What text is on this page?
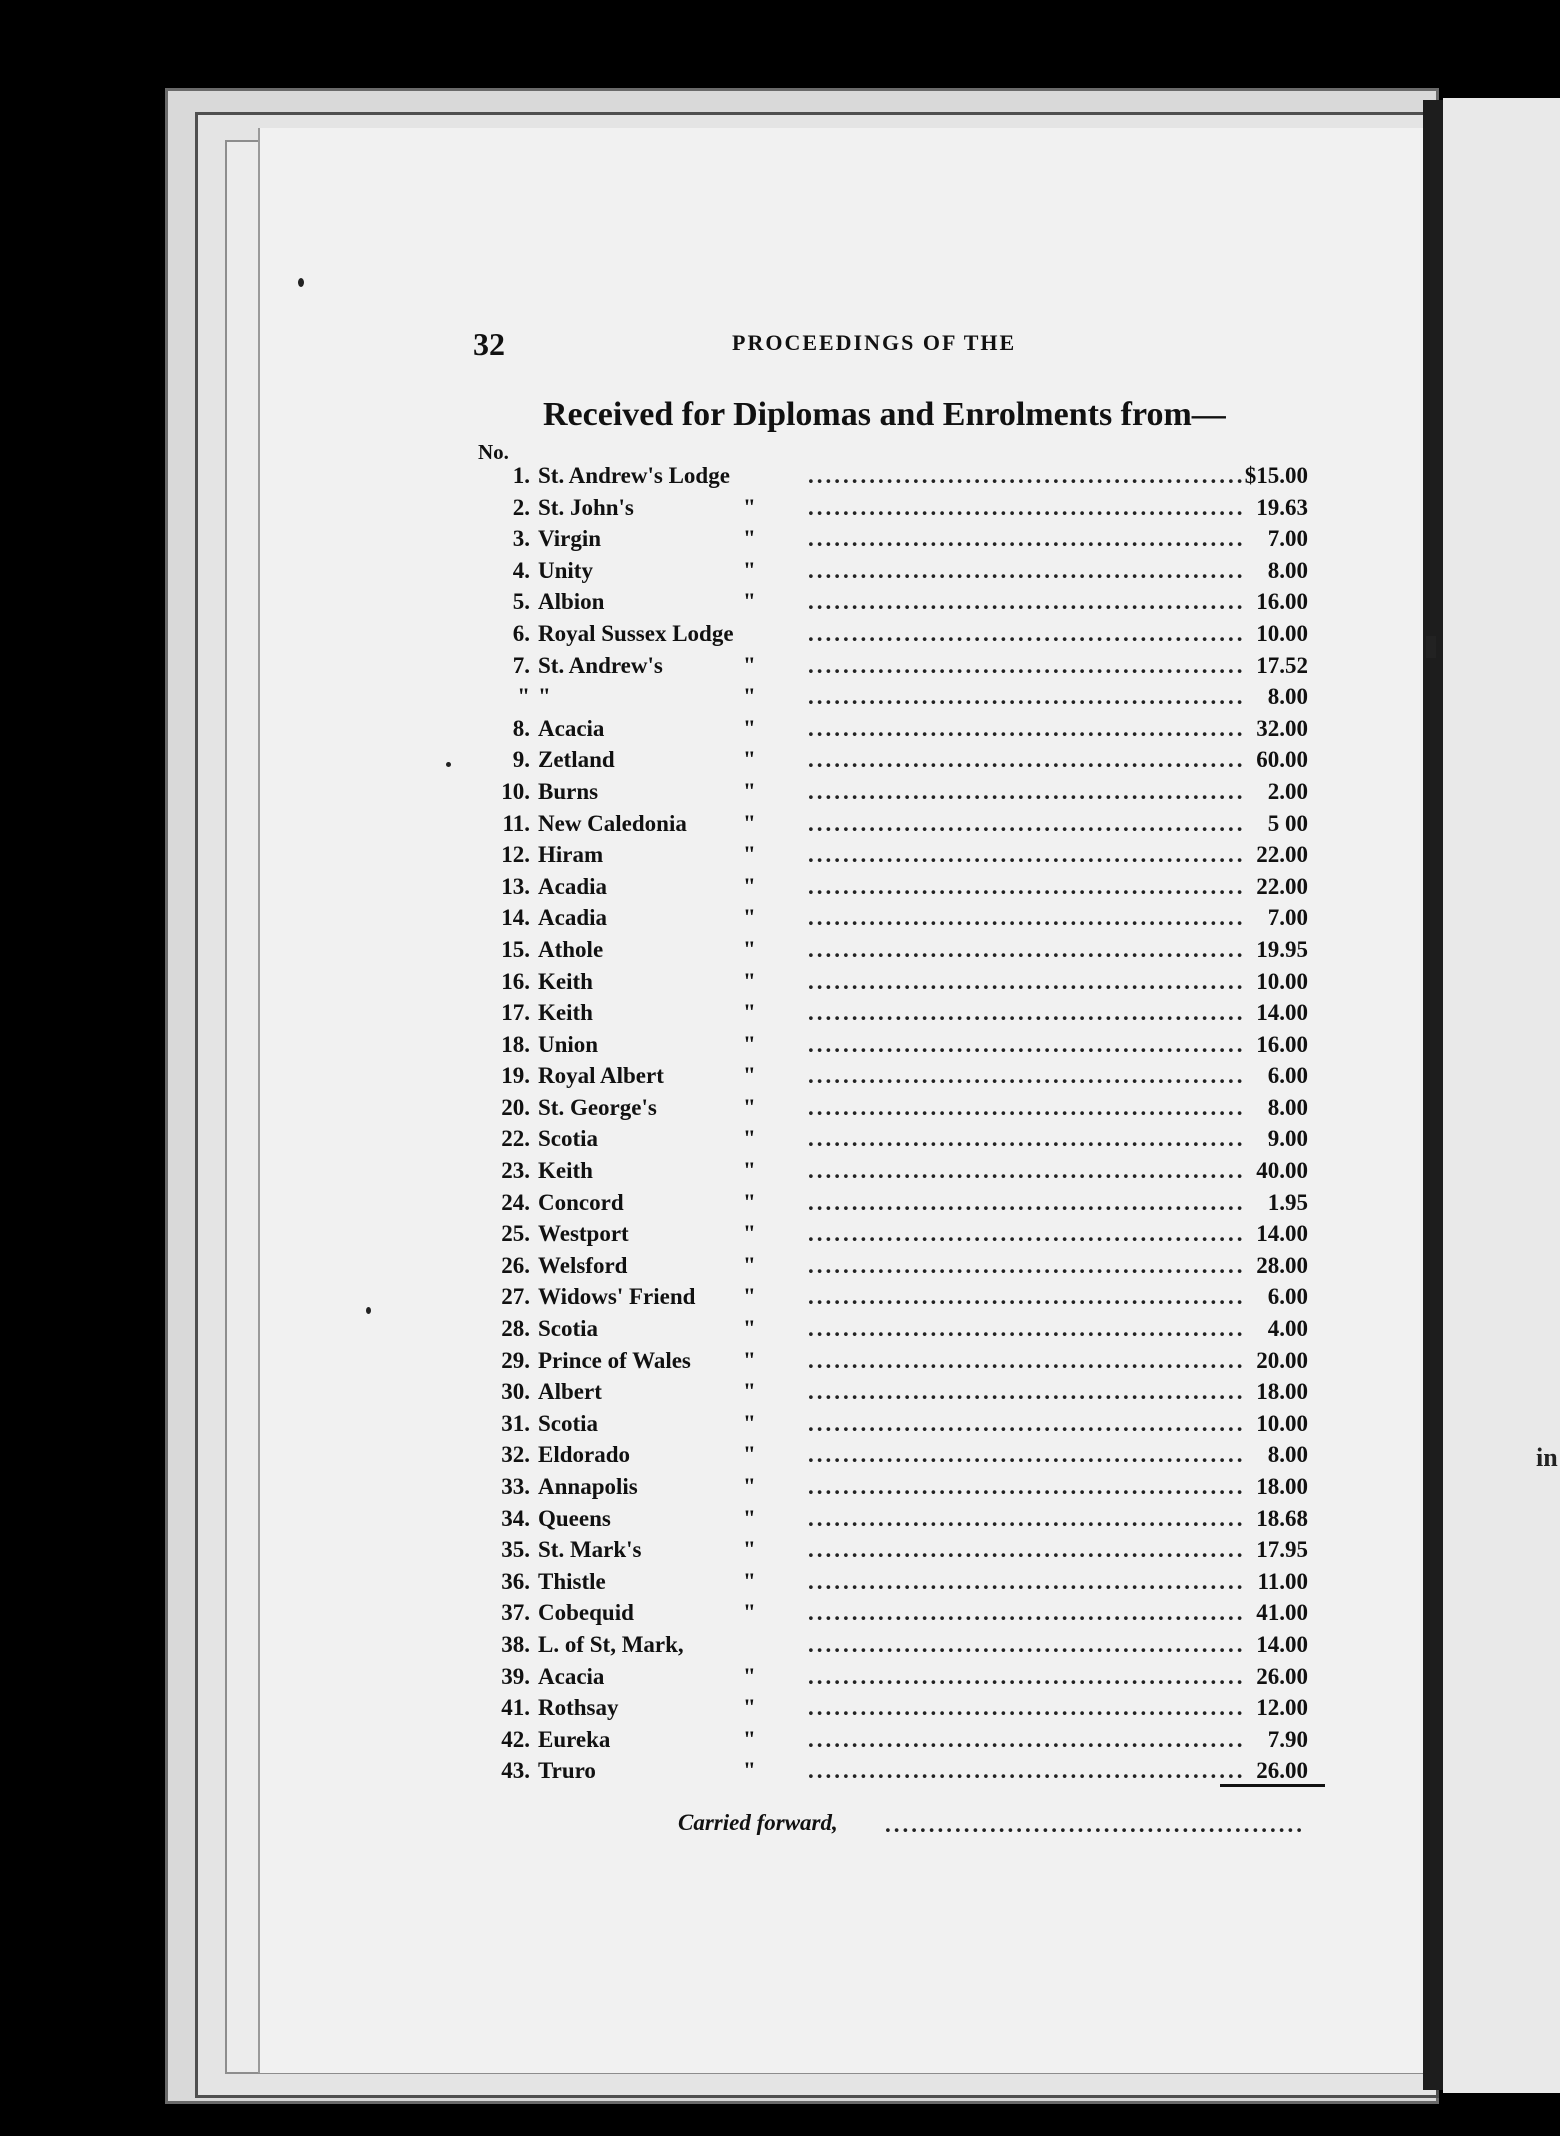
in
32	PROCEEDINGS OF THE
Received for Diplomas and Enrolments from—
No.
1. St. Andrew's Lodge	.................................................. $15.00
2. St. John's	" .................................................. 19.63
3. Virgin	" .................................................. 7.00
4. Unity	" .................................................. 8.00
5. Albion	" .................................................. 16.00
6. Royal Sussex Lodge	.................................................. 10.00
7. St. Andrew's	" .................................................. 17.52
" "	" .................................................. 8.00
8. Acacia	" .................................................. 32.00
9. Zetland	" .................................................. 60.00
10. Burns	" .................................................. 2.00
11. New Caledonia " .................................................. 5 00
12. Hiram	" .................................................. 22.00
13. Acadia	" .................................................. 22.00
14. Acadia	" .................................................. 7.00
15. Athole	" .................................................. 19.95
16. Keith	" .................................................. 10.00
17. Keith	" .................................................. 14.00
18. Union	" .................................................. 16.00
19. Royal Albert	" .................................................. 6.00
20. St. George's	" .................................................. 8.00
22. Scotia	" .................................................. 9.00
23. Keith	" .................................................. 40.00
24. Concord	" .................................................. 1.95
25. Westport	" .................................................. 14.00
26. Welsford	" .................................................. 28.00
27. Widows' Friend " .................................................. 6.00
28. Scotia	" .................................................. 4.00
29. Prince of Wales " .................................................. 20.00
30. Albert	" .................................................. 18.00
31. Scotia	" .................................................. 10.00
32. Eldorado	" .................................................. 8.00
33. Annapolis	" .................................................. 18.00
34. Queens	" .................................................. 18.68
35. St. Mark's	" .................................................. 17.95
36. Thistle	" .................................................. 11.00
37. Cobequid	" .................................................. 41.00
38. L. of St, Mark,	.................................................. 14.00
39. Acacia	" .................................................. 26.00
41. Rothsay	" .................................................. 12.00
42. Eureka	" .................................................. 7.90
43. Truro	" .................................................. 26.00
Carried forward, ................................................
